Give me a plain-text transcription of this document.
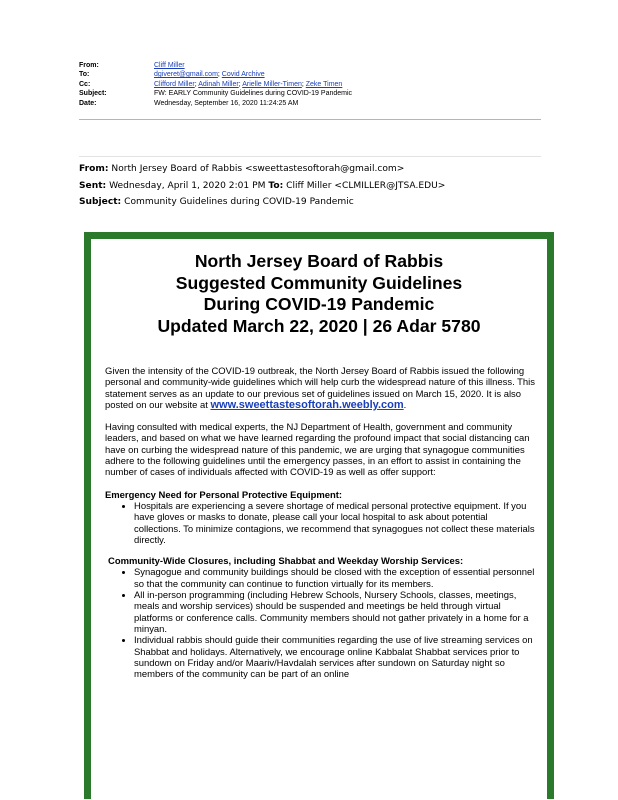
From:	Cliff Miller
To:	dgiveret@gmail.com; Covid Archive
Cc:	Clifford Miller; Adinah Miller; Arielle Miller-Timen; Zeke Timen
Subject:	FW: EARLY Community Guidelines during COVID-19 Pandemic
Date:	Wednesday, September 16, 2020 11:24:25 AM
From: North Jersey Board of Rabbis <sweettastesoftorah@gmail.com>
Sent: Wednesday, April 1, 2020 2:01 PM To: Cliff Miller <CLMILLER@JTSA.EDU>
Subject: Community Guidelines during COVID-19 Pandemic
North Jersey Board of Rabbis
Suggested Community Guidelines
During COVID-19 Pandemic
Updated March 22, 2020 | 26 Adar 5780

Given the intensity of the COVID-19 outbreak, the North Jersey Board of Rabbis issued the following personal and community-wide guidelines which will help curb the widespread nature of this illness. This statement serves as an update to our previous set of guidelines issued on March 15, 2020. It is also posted on our website at www.sweettastesoftorah.weebly.com.

Having consulted with medical experts, the NJ Department of Health, government and community leaders, and based on what we have learned regarding the profound impact that social distancing can have on curbing the widespread nature of this pandemic, we are urging that synagogue communities adhere to the following guidelines until the emergency passes, in an effort to assist in containing the number of cases of individuals affected with COVID-19 as well as offer support:

Emergency Need for Personal Protective Equipment:
• Hospitals are experiencing a severe shortage of medical personal protective equipment. If you have gloves or masks to donate, please call your local hospital to ask about potential collections. To minimize contagions, we recommend that synagogues not collect these materials directly.
Community-Wide Closures, including Shabbat and Weekday Worship Services:
• Synagogue and community buildings should be closed with the exception of essential personnel so that the community can continue to function virtually for its members.
• All in-person programming (including Hebrew Schools, Nursery Schools, classes, meetings, meals and worship services) should be suspended and meetings be held through virtual platforms or conference calls. Community members should not gather privately in a home for a minyan.
• Individual rabbis should guide their communities regarding the use of live streaming services on Shabbat and holidays. Alternatively, we encourage online Kabbalat Shabbat services prior to sundown on Friday and/or Maariv/Havdalah services after sundown on Saturday night so members of the community can be part of an online
